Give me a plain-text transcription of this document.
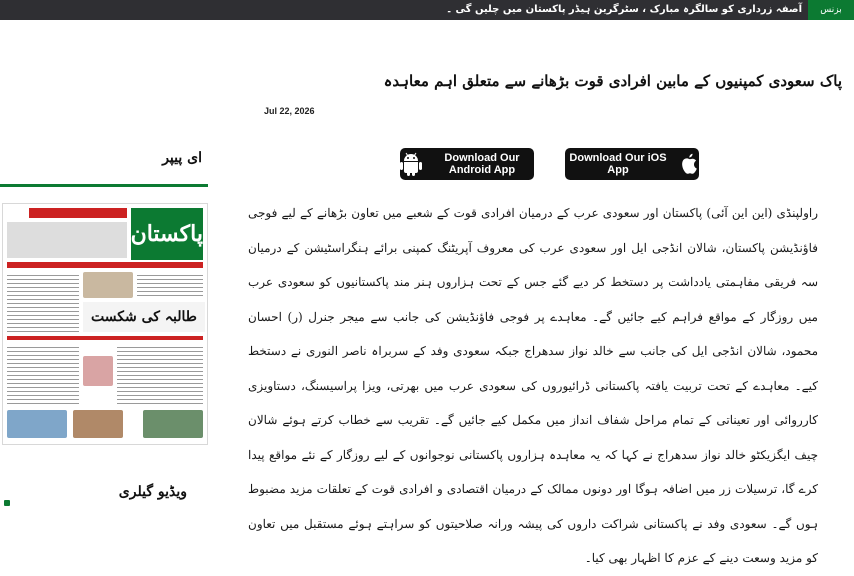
بزنس
آصفہ زرداری کو سالگرہ مبارک ، سٹرگرین ہیڈر پاکستان میں چلیں گی ۔
پاک سعودی کمپنیوں کے مابین افرادی قوت بڑھانے سے متعلق اہم معاہدہ
Jul 22, 2026
Download Our Android App
Download Our iOS App
ای پیپر
پاکستان
طالبہ کی شکست
راولپنڈی (این این آئی) پاکستان اور سعودی عرب کے درمیان افرادی قوت کے شعبے میں تعاون بڑھانے کے لیے فوجی فاؤنڈیشن پاکستان، شالان انڈجی ایل اور سعودی عرب کی معروف آپریٹنگ کمپنی برائے ہنگراسٹیشن کے درمیان سہ فریقی مفاہمتی یادداشت پر دستخط کر دیے گئے جس کے تحت ہزاروں ہنر مند پاکستانیوں کو سعودی عرب میں روزگار کے مواقع فراہم کیے جائیں گے۔ معاہدے پر فوجی فاؤنڈیشن کی جانب سے میجر جنرل (ر) احسان محمود، شالان انڈجی ایل کی جانب سے خالد نواز سدھراج جبکہ سعودی وفد کے سربراہ ناصر النوری نے دستخط کیے۔ معاہدے کے تحت تربیت یافتہ پاکستانی ڈرائیوروں کی سعودی عرب میں بھرتی، ویزا پراسیسنگ، دستاویزی کارروائی اور تعیناتی کے تمام مراحل شفاف انداز میں مکمل کیے جائیں گے۔ تقریب سے خطاب کرتے ہوئے شالان چیف ایگزیکٹو خالد نواز سدھراج نے کہا کہ یہ معاہدہ ہزاروں پاکستانی نوجوانوں کے لیے روزگار کے نئے مواقع پیدا کرے گا، ترسیلات زر میں اضافہ ہوگا اور دونوں ممالک کے درمیان اقتصادی و افرادی قوت کے تعلقات مزید مضبوط ہوں گے۔ سعودی وفد نے پاکستانی شراکت داروں کی پیشہ ورانہ صلاحیتوں کو سراہتے ہوئے مستقبل میں تعاون کو مزید وسعت دینے کے عزم کا اظہار بھی کیا۔
ویڈیو گیلری
